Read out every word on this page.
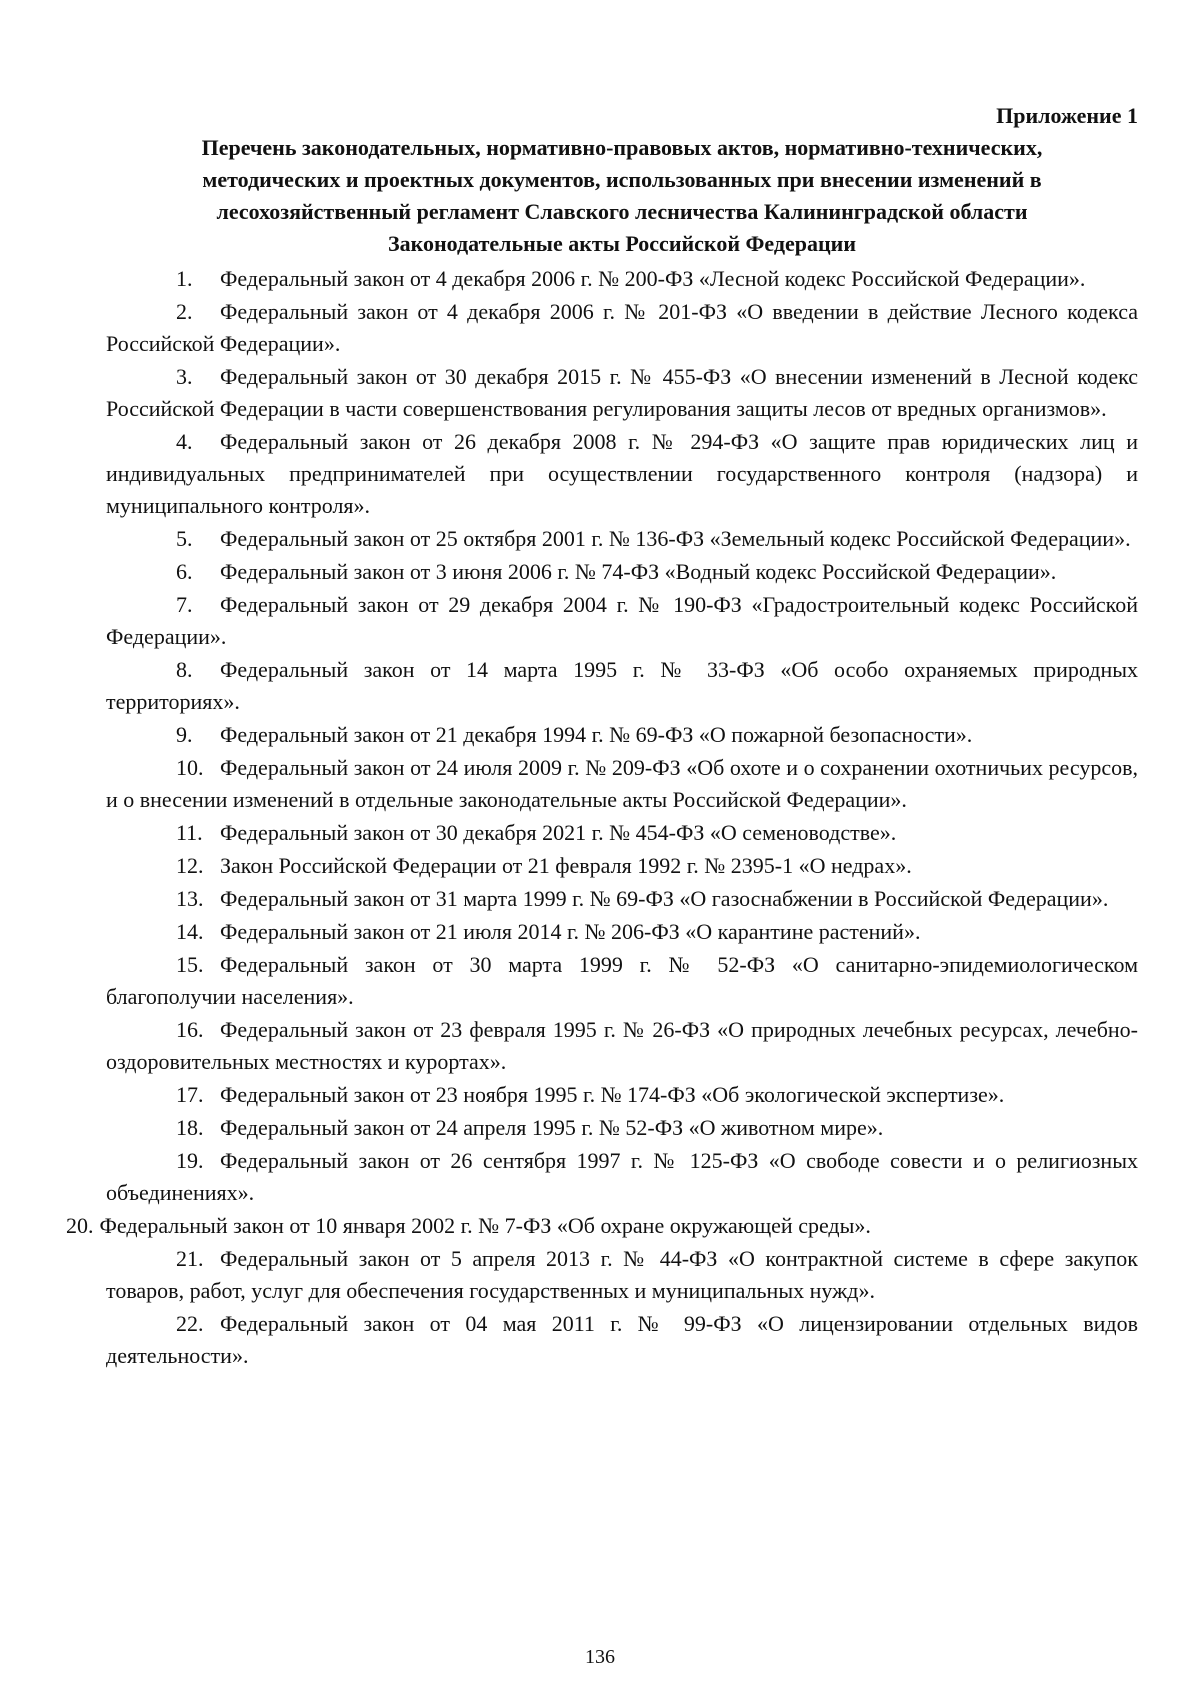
Приложение 1

Перечень законодательных, нормативно-правовых актов, нормативно-технических,

методических и проектных документов, использованных при внесении изменений в

лесохозяйственный регламент Славского лесничества Калининградской области

Законодательные акты Российской Федерации

1. Федеральный закон от 4 декабря 2006 г. № 200-ФЗ «Лесной кодекс Российской Федерации».
2. Федеральный закон от 4 декабря 2006 г. № 201-ФЗ «О введении в действие Лесного кодекса Российской Федерации».
3. Федеральный закон от 30 декабря 2015 г. № 455-ФЗ «О внесении изменений в Лесной кодекс Российской Федерации в части совершенствования регулирования защиты лесов от вредных организмов».
4. Федеральный закон от 26 декабря 2008 г. № 294-ФЗ «О защите прав юридических лиц и индивидуальных предпринимателей при осуществлении государственного контроля (надзора) и муниципального контроля».
5. Федеральный закон от 25 октября 2001 г. № 136-ФЗ «Земельный кодекс Российской Федерации».
6. Федеральный закон от 3 июня 2006 г. № 74-ФЗ «Водный кодекс Российской Федерации».
7. Федеральный закон от 29 декабря 2004 г. № 190-ФЗ «Градостроительный кодекс Российской Федерации».
8. Федеральный закон от 14 марта 1995 г. № 33-ФЗ «Об особо охраняемых природных территориях».
9. Федеральный закон от 21 декабря 1994 г. № 69-ФЗ «О пожарной безопасности».
10. Федеральный закон от 24 июля 2009 г. № 209-ФЗ «Об охоте и о сохранении охотничьих ресурсов, и о внесении изменений в отдельные законодательные акты Российской Федерации».
11. Федеральный закон от 30 декабря 2021 г. № 454-ФЗ «О семеноводстве».
12. Закон Российской Федерации от 21 февраля 1992 г. № 2395-1 «О недрах».
13. Федеральный закон от 31 марта 1999 г. № 69-ФЗ «О газоснабжении в Российской Федерации».
14. Федеральный закон от 21 июля 2014 г. № 206-ФЗ «О карантине растений».
15. Федеральный закон от 30 марта 1999 г. № 52-ФЗ «О санитарно-эпидемиологическом благополучии населения».
16. Федеральный закон от 23 февраля 1995 г. № 26-ФЗ «О природных лечебных ресурсах, лечебно-оздоровительных местностях и курортах».
17. Федеральный закон от 23 ноября 1995 г. № 174-ФЗ «Об экологической экспертизе».
18. Федеральный закон от 24 апреля 1995 г. № 52-ФЗ «О животном мире».
19. Федеральный закон от 26 сентября 1997 г. № 125-ФЗ «О свободе совести и о религиозных объединениях».
20. Федеральный закон от 10 января 2002 г. № 7-ФЗ «Об охране окружающей среды».
21. Федеральный закон от 5 апреля 2013 г. № 44-ФЗ «О контрактной системе в сфере закупок товаров, работ, услуг для обеспечения государственных и муниципальных нужд».
22. Федеральный закон от 04 мая 2011 г. № 99-ФЗ «О лицензировании отдельных видов деятельности».
136
